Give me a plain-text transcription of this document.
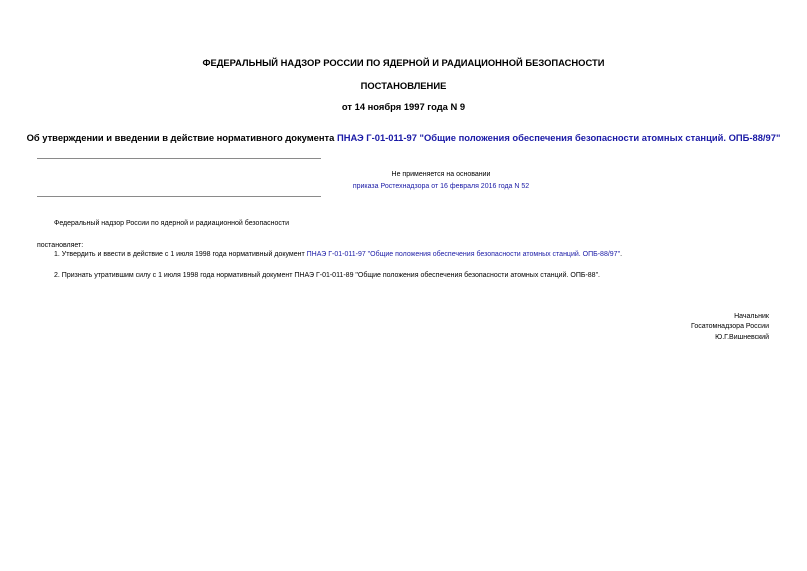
ФЕДЕРАЛЬНЫЙ НАДЗОР РОССИИ ПО ЯДЕРНОЙ И РАДИАЦИОННОЙ БЕЗОПАСНОСТИ
ПОСТАНОВЛЕНИЕ
от 14 ноября 1997 года N 9
Об утверждении и введении в действие нормативного документа ПНАЭ Г-01-011-97 "Общие положения обеспечения безопасности атомных станций. ОПБ-88/97"
Не применяется на основании
приказа Ростехнадзора от 16 февраля 2016 года N 52
Федеральный надзор России по ядерной и радиационной безопасности
постановляет:
1. Утвердить и ввести в действие с 1 июля 1998 года нормативный документ ПНАЭ Г-01-011-97 "Общие положения обеспечения безопасности атомных станций. ОПБ-88/97".
2. Признать утратившим силу с 1 июля 1998 года нормативный документ ПНАЭ Г-01-011-89 "Общие положения обеспечения безопасности атомных станций. ОПБ-88".
Начальник
Госатомнадзора России
Ю.Г.Вишневский
